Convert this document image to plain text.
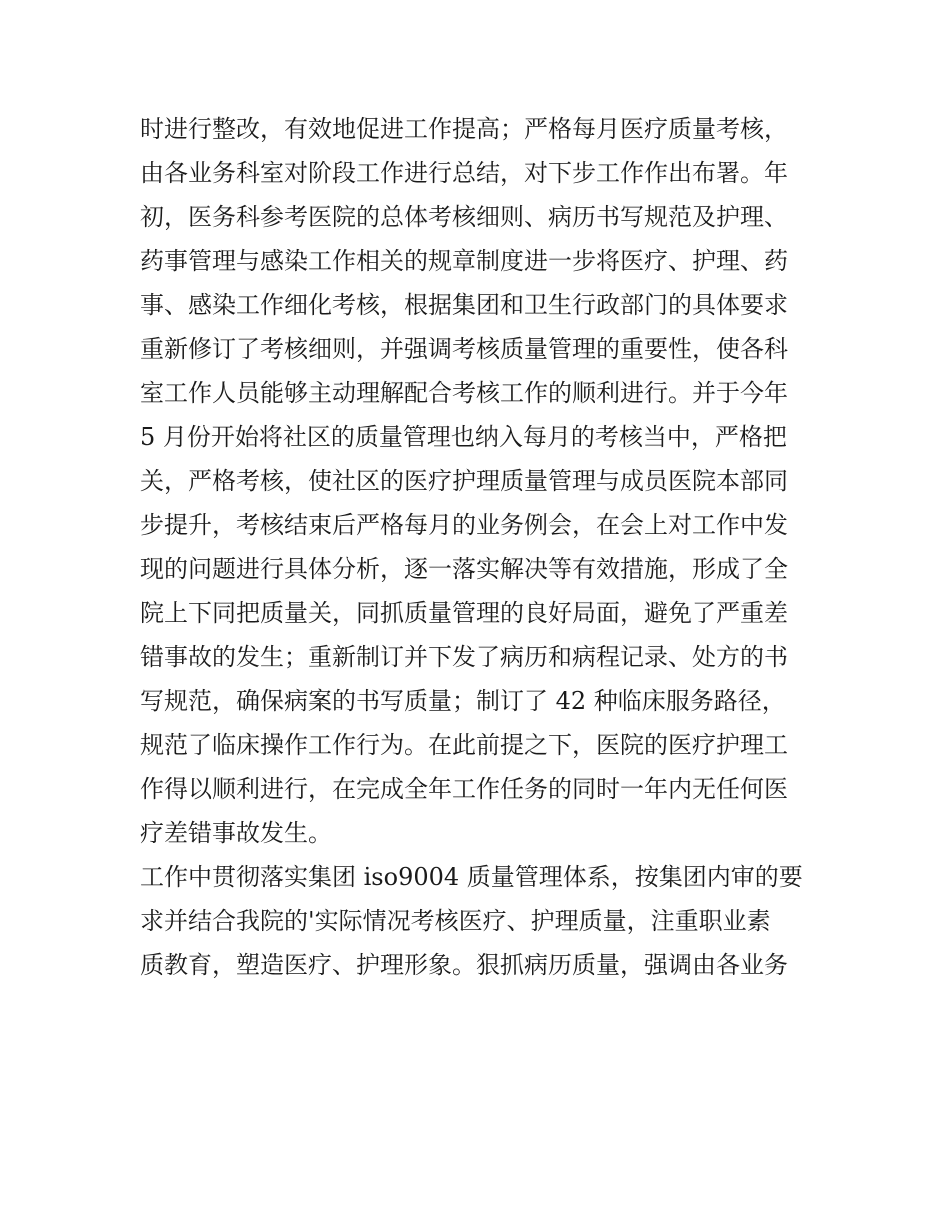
时进行整改，有效地促进工作提高；严格每月医疗质量考核，
由各业务科室对阶段工作进行总结，对下步工作作出布署。年
初，医务科参考医院的总体考核细则、病历书写规范及护理、
药事管理与感染工作相关的规章制度进一步将医疗、护理、药
事、感染工作细化考核，根据集团和卫生行政部门的具体要求
重新修订了考核细则，并强调考核质量管理的重要性，使各科
室工作人员能够主动理解配合考核工作的顺利进行。并于今年
5 月份开始将社区的质量管理也纳入每月的考核当中，严格把
关，严格考核，使社区的医疗护理质量管理与成员医院本部同
步提升，考核结束后严格每月的业务例会，在会上对工作中发
现的问题进行具体分析，逐一落实解决等有效措施，形成了全
院上下同把质量关，同抓质量管理的良好局面，避免了严重差
错事故的发生；重新制订并下发了病历和病程记录、处方的书
写规范，确保病案的书写质量；制订了 42 种临床服务路径，
规范了临床操作工作行为。在此前提之下，医院的医疗护理工
作得以顺利进行，在完成全年工作任务的同时一年内无任何医
疗差错事故发生。
工作中贯彻落实集团 iso9004 质量管理体系，按集团内审的要
求并结合我院的'实际情况考核医疗、护理质量，注重职业素
质教育，塑造医疗、护理形象。狠抓病历质量，强调由各业务
